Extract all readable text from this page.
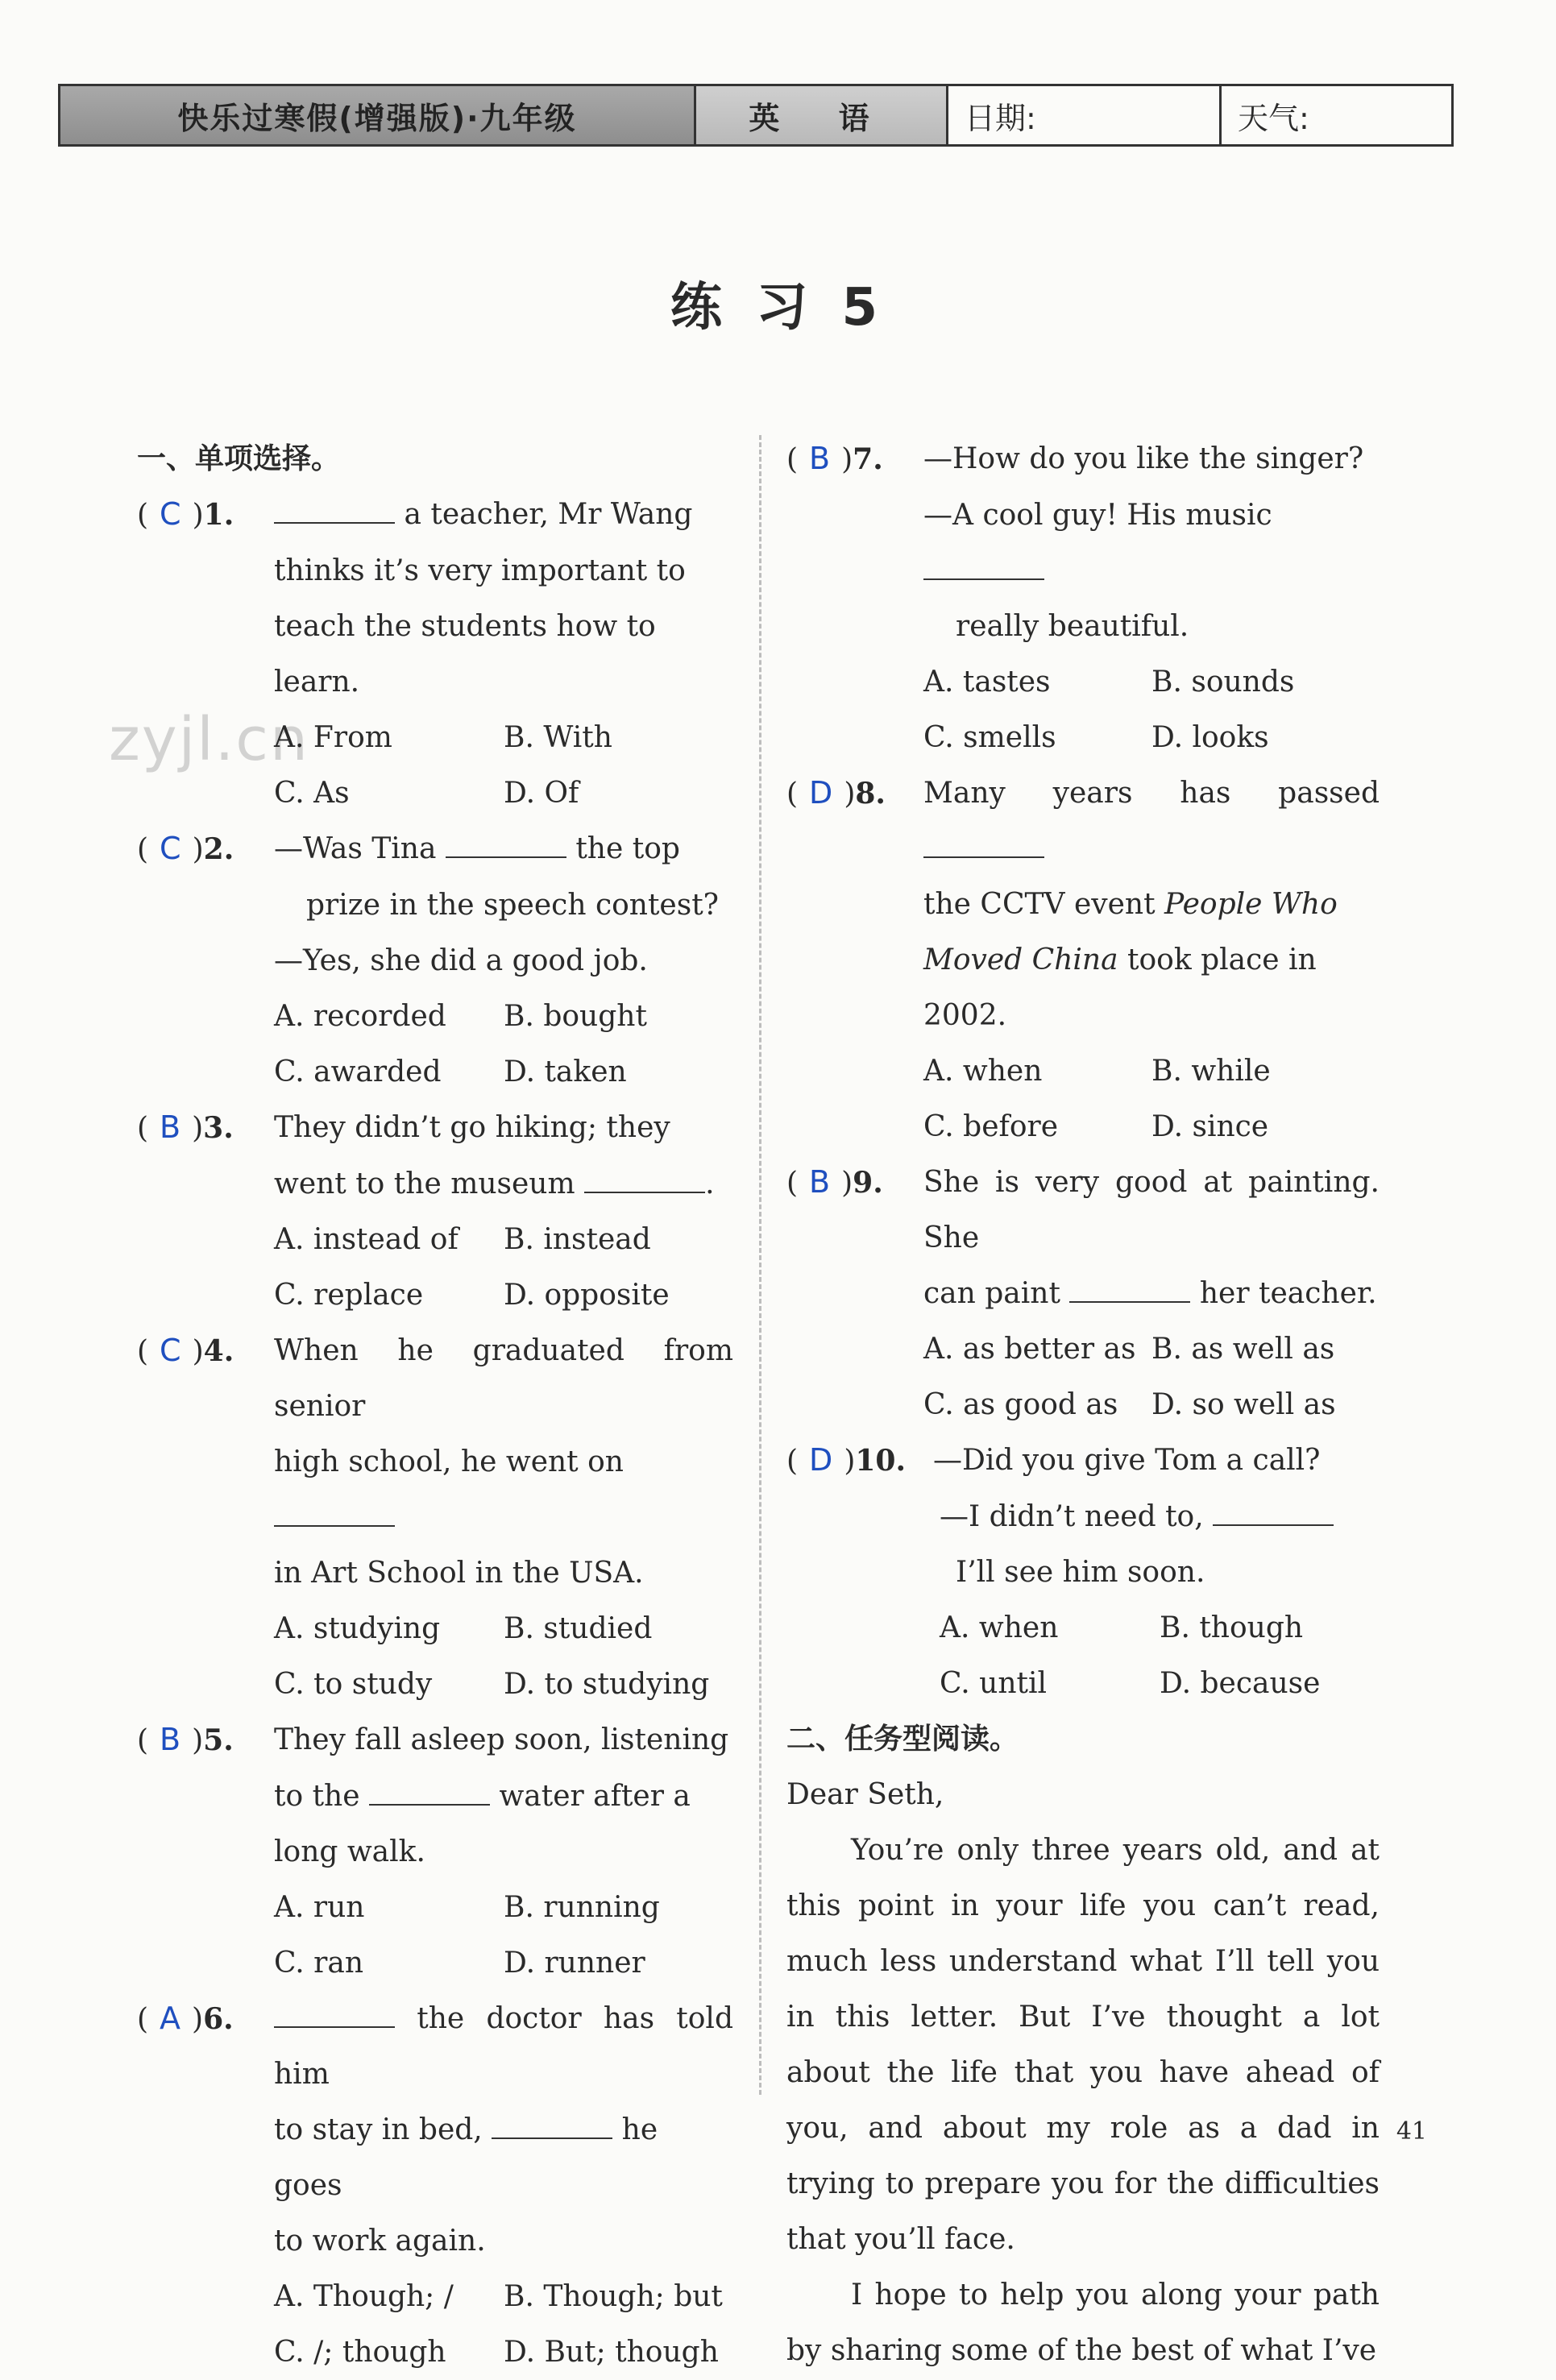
快乐过寒假(增强版)·九年级	英 语	日期:	天气:
练 习 5
zyjl.cn
一、单项选择。
( C )1.	a teacher, Mr Wang
thinks it’s very important to
teach the students how to learn.
A. From	B. With
C. As	D. Of
( C )2.	—Was Tina	the top
prize in the speech contest?
—Yes, she did a good job.
A. recorded	B. bought
C. awarded	D. taken
( B )3.	They didn’t go hiking; they
went to the museum	.
A. instead of	B. instead
C. replace	D. opposite
( C )4.	When he graduated from senior
high school, he went on
in Art School in the USA.
A. studying	B. studied
C. to study	D. to studying
( B )5.	They fall asleep soon, listening
to the	water after a
long walk.
A. run	B. running
C. ran	D. runner
( A )6.	the doctor has told him
to stay in bed,	he goes
to work again.
A. Though; /	B. Though; but
C. /; though	D. But; though
( B )7.	—How do you like the singer?
—A cool guy! His music
really beautiful.
A. tastes	B. sounds
C. smells	D. looks
( D )8.	Many years has passed
the CCTV event People Who
Moved China took place in 2002.
A. when	B. while
C. before	D. since
( B )9.	She is very good at painting. She
can paint	her teacher.
A. as better as B. as well as
C. as good as	D. so well as
( D )10. —Did you give Tom a call?
—I didn’t need to,
I’ll see him soon.
A. when	B. though
C. until	D. because
二、任务型阅读。
Dear Seth,
You’re only three years old, and at this point in your life you can’t read, much less understand what I’ll tell you in this letter. But I’ve thought a lot about the life that you have ahead of you, and about my role as a dad in trying to prepare you for the difficulties that you’ll face.
I hope to help you along your path by sharing some of the best of what I’ve
41
